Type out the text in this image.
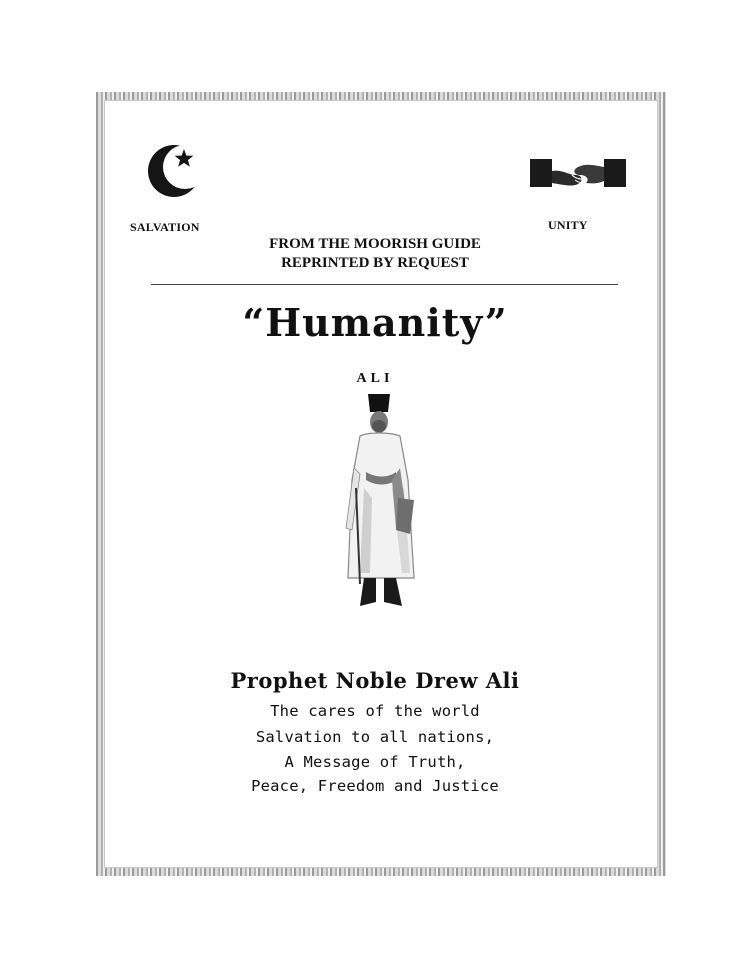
SALVATION	UNITY
FROM THE MOORISH GUIDE
REPRINTED BY REQUEST
“Humanity”
ALI
Prophet Noble Drew Ali
The cares of the world
Salvation to all nations,
A Message of Truth,
Peace, Freedom and Justice
